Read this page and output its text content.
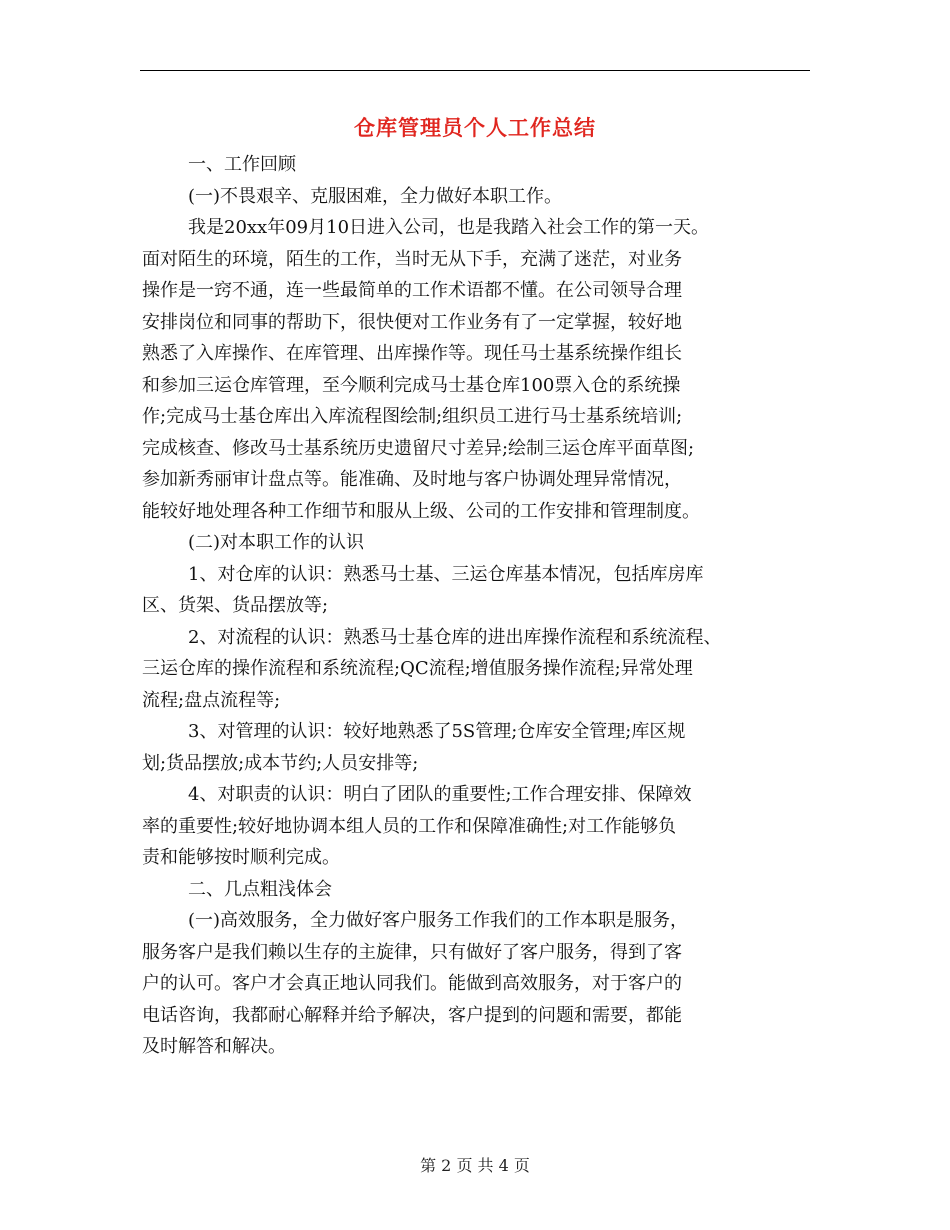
仓库管理员个人工作总结
一、工作回顾
(一)不畏艰辛、克服困难，全力做好本职工作。
我是20xx年09月10日进入公司，也是我踏入社会工作的第一天。
面对陌生的环境，陌生的工作，当时无从下手，充满了迷茫，对业务
操作是一窍不通，连一些最简单的工作术语都不懂。在公司领导合理
安排岗位和同事的帮助下，很快便对工作业务有了一定掌握，较好地
熟悉了入库操作、在库管理、出库操作等。现任马士基系统操作组长
和参加三运仓库管理，至今顺利完成马士基仓库100票入仓的系统操
作;完成马士基仓库出入库流程图绘制;组织员工进行马士基系统培训;
完成核查、修改马士基系统历史遗留尺寸差异;绘制三运仓库平面草图;
参加新秀丽审计盘点等。能准确、及时地与客户协调处理异常情况，
能较好地处理各种工作细节和服从上级、公司的工作安排和管理制度。
(二)对本职工作的认识
1、对仓库的认识：熟悉马士基、三运仓库基本情况，包括库房库
区、货架、货品摆放等;
2、对流程的认识：熟悉马士基仓库的进出库操作流程和系统流程、
三运仓库的操作流程和系统流程;QC流程;增值服务操作流程;异常处理
流程;盘点流程等;
3、对管理的认识：较好地熟悉了5S管理;仓库安全管理;库区规
划;货品摆放;成本节约;人员安排等;
4、对职责的认识：明白了团队的重要性;工作合理安排、保障效
率的重要性;较好地协调本组人员的工作和保障准确性;对工作能够负
责和能够按时顺利完成。
二、几点粗浅体会
(一)高效服务，全力做好客户服务工作我们的工作本职是服务，
服务客户是我们赖以生存的主旋律，只有做好了客户服务，得到了客
户的认可。客户才会真正地认同我们。能做到高效服务，对于客户的
电话咨询，我都耐心解释并给予解决，客户提到的问题和需要，都能
及时解答和解决。
第 2 页 共 4 页
